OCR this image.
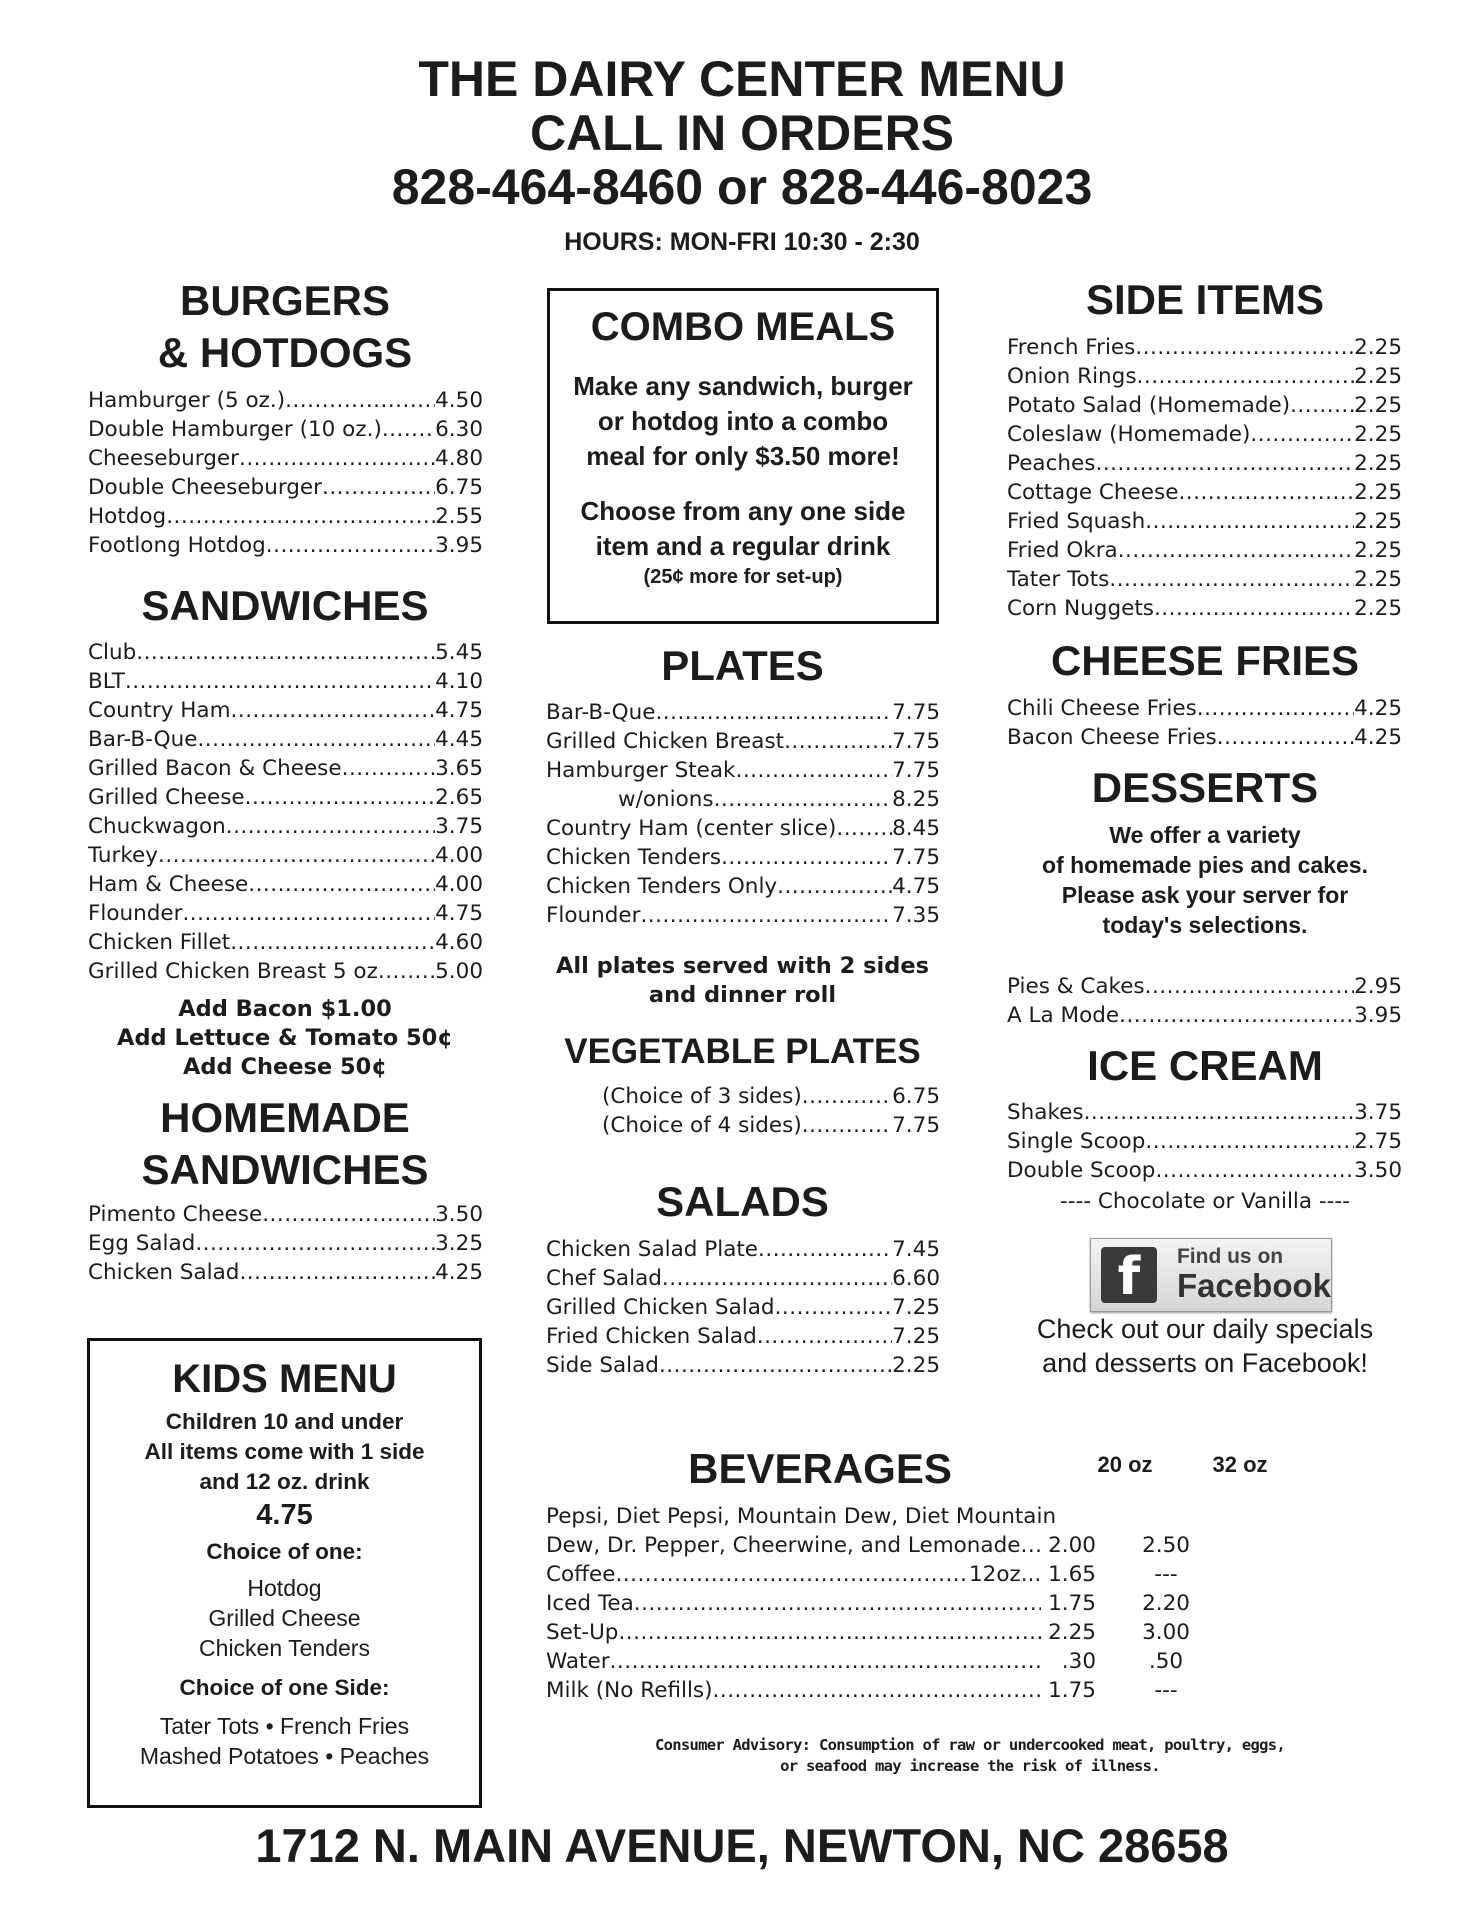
THE DAIRY CENTER MENU
CALL IN ORDERS
828-464-8460 or 828-446-8023
HOURS: MON-FRI 10:30 - 2:30
BURGERS
& HOTDOGS
Hamburger (5 oz.) .....	4.50
Double Hamburger (10 oz.) ..... 6.30
Cheeseburger .....	4.80
Double Cheeseburger .....	6.75
Hotdog .....	2.55
Footlong Hotdog .....	3.95
SANDWICHES
Club .....	5.45
BLT .....	4.10
Country Ham .....	4.75
Bar-B-Que .....	4.45
Grilled Bacon & Cheese .....	3.65
Grilled Cheese .....	2.65
Chuckwagon .....	3.75
Turkey .....	4.00
Ham & Cheese .....	4.00
Flounder .....	4.75
Chicken Fillet .....	4.60
Grilled Chicken Breast 5 oz .....	5.00
Add Bacon $1.00
Add Lettuce & Tomato 50¢
Add Cheese 50¢
HOMEMADE
SANDWICHES
Pimento Cheese .....	3.50
Egg Salad .....	3.25
Chicken Salad .....	4.25
KIDS MENU
Children 10 and under
All items come with 1 side
and 12 oz. drink
4.75
Choice of one:
Hotdog
Grilled Cheese
Chicken Tenders
Choice of one Side:
Tater Tots • French Fries
Mashed Potatoes • Peaches
COMBO MEALS
Make any sandwich, burger
or hotdog into a combo
meal for only $3.50 more!
Choose from any one side
item and a regular drink
(25¢ more for set-up)
PLATES
Bar-B-Que .....	7.75
Grilled Chicken Breast .....	7.75
Hamburger Steak .....	7.75
w/onions .....	8.25
Country Ham (center slice) .....	8.45
Chicken Tenders .....	7.75
Chicken Tenders Only .....	4.75
Flounder .....	7.35
All plates served with 2 sides
and dinner roll
VEGETABLE PLATES
(Choice of 3 sides) .....	6.75
(Choice of 4 sides) .....	7.75
SALADS
Chicken Salad Plate .....	7.45
Chef Salad .....	6.60
Grilled Chicken Salad .....	7.25
Fried Chicken Salad .....	7.25
Side Salad .....	2.25
SIDE ITEMS
French Fries .....	2.25
Onion Rings .....	2.25
Potato Salad (Homemade) .....	2.25
Coleslaw (Homemade) .....	2.25
Peaches .....	2.25
Cottage Cheese .....	2.25
Fried Squash .....	2.25
Fried Okra .....	2.25
Tater Tots .....	2.25
Corn Nuggets .....	2.25
CHEESE FRIES
Chili Cheese Fries .....	4.25
Bacon Cheese Fries .....	4.25
DESSERTS
We offer a variety
of homemade pies and cakes.
Please ask your server for
today's selections.
Pies & Cakes .....	2.95
A La Mode .....	3.95
ICE CREAM
Shakes .....	3.75
Single Scoop .....	2.75
Double Scoop .....	3.50
---- Chocolate or Vanilla ----
f	Find us on
Facebook
Check out our daily specials
and desserts on Facebook!
BEVERAGES	20 oz	32 oz
Pepsi, Diet Pepsi, Mountain Dew, Diet Mountain
Dew, Dr. Pepper, Cheerwine, and Lemonade ..... 2.00	2.50
Coffee .....	12oz... 1.65	---
Iced Tea .....	1.75	2.20
Set-Up .....	2.25	3.00
Water .....	.30	.50
Milk (No Refills) .....	1.75	---
Consumer Advisory: Consumption of raw or undercooked meat, poultry, eggs,
or seafood may increase the risk of illness.
1712 N. MAIN AVENUE, NEWTON, NC 28658
